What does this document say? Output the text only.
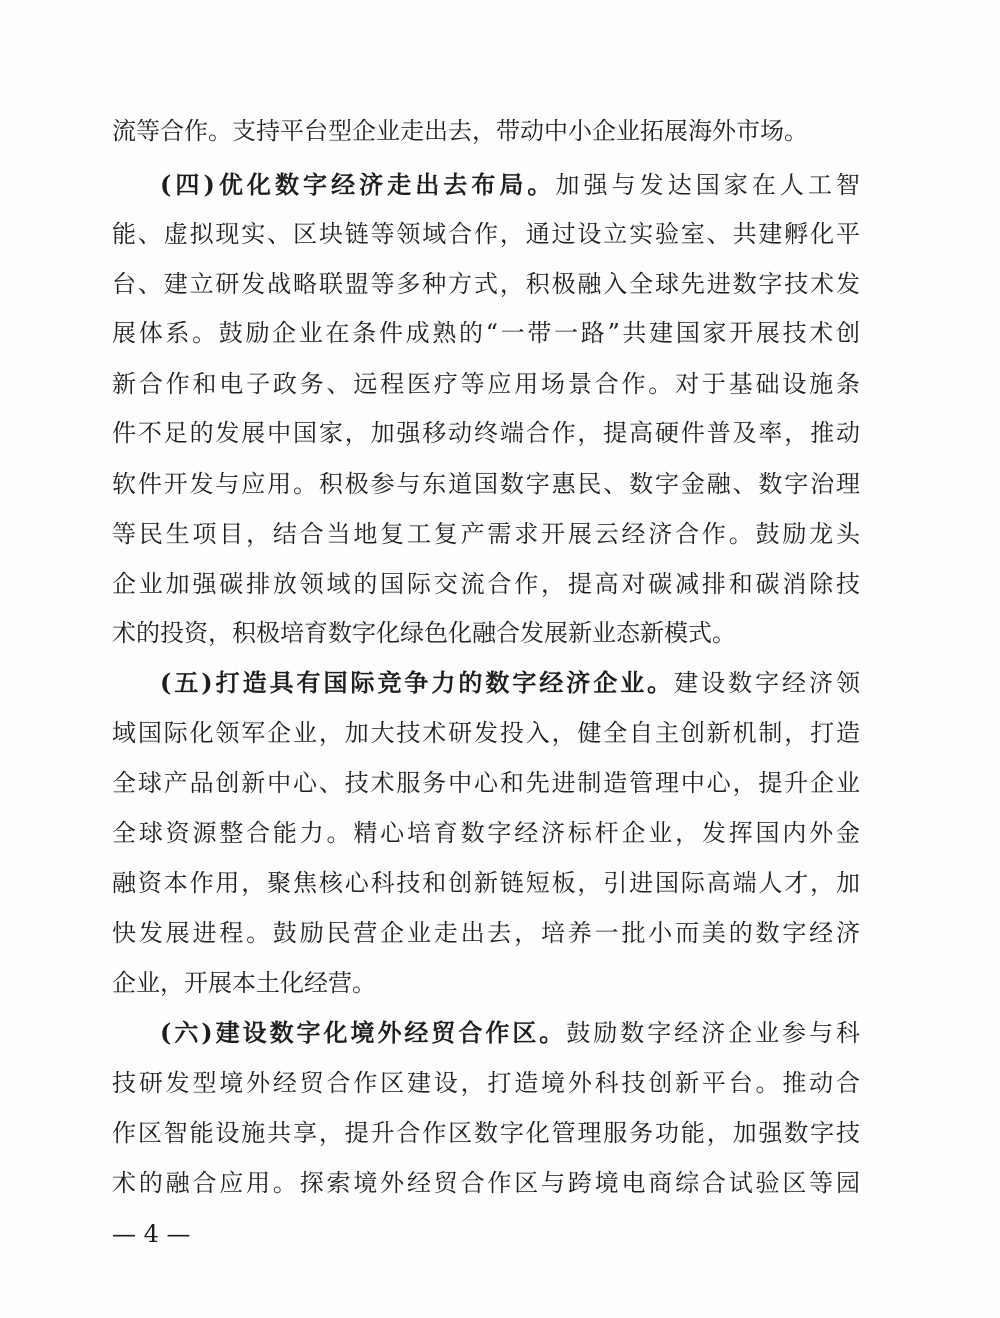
流等合作。支持平台型企业走出去，带动中小企业拓展海外市场。
(四)优化数字经济走出去布局。加强与发达国家在人工智
能、虚拟现实、区块链等领域合作，通过设立实验室、共建孵化平
台、建立研发战略联盟等多种方式，积极融入全球先进数字技术发
展体系。鼓励企业在条件成熟的“一带一路”共建国家开展技术创
新合作和电子政务、远程医疗等应用场景合作。对于基础设施条
件不足的发展中国家，加强移动终端合作，提高硬件普及率，推动
软件开发与应用。积极参与东道国数字惠民、数字金融、数字治理
等民生项目，结合当地复工复产需求开展云经济合作。鼓励龙头
企业加强碳排放领域的国际交流合作，提高对碳减排和碳消除技
术的投资，积极培育数字化绿色化融合发展新业态新模式。
(五)打造具有国际竞争力的数字经济企业。建设数字经济领
域国际化领军企业，加大技术研发投入，健全自主创新机制，打造
全球产品创新中心、技术服务中心和先进制造管理中心，提升企业
全球资源整合能力。精心培育数字经济标杆企业，发挥国内外金
融资本作用，聚焦核心科技和创新链短板，引进国际高端人才，加
快发展进程。鼓励民营企业走出去，培养一批小而美的数字经济
企业，开展本土化经营。
(六)建设数字化境外经贸合作区。鼓励数字经济企业参与科
技研发型境外经贸合作区建设，打造境外科技创新平台。推动合
作区智能设施共享，提升合作区数字化管理服务功能，加强数字技
术的融合应用。探索境外经贸合作区与跨境电商综合试验区等园
— 4 —
